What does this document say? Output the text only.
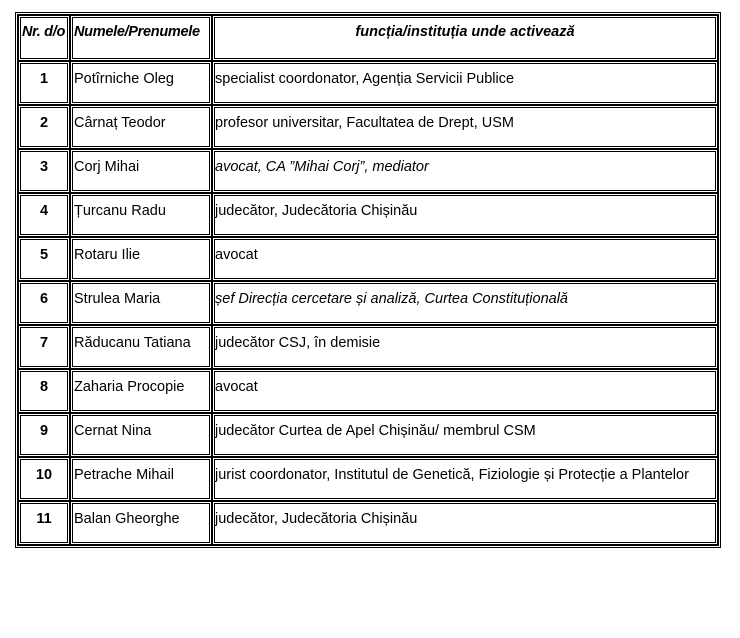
Nr. d/o	Numele/Prenumele	funcția/instituția unde activează
1	Potîrniche Oleg	specialist coordonator, Agenția Servicii Publice
2	Cârnaț Teodor	profesor universitar, Facultatea de Drept, USM
3	Corj Mihai	avocat, CA ”Mihai Corj”, mediator
4	Țurcanu Radu	judecător, Judecătoria Chișinău
5	Rotaru Ilie	avocat
6	Strulea Maria	șef Direcția cercetare și analiză, Curtea Constituțională
7	Răducanu Tatiana	judecător CSJ, în demisie
8	Zaharia Procopie	avocat
9	Cernat Nina	judecător Curtea de Apel Chișinău/ membrul CSM
10	Petrache Mihail	jurist coordonator, Institutul de Genetică, Fiziologie și Protecție a Plantelor
11	Balan Gheorghe	judecător, Judecătoria Chișinău
